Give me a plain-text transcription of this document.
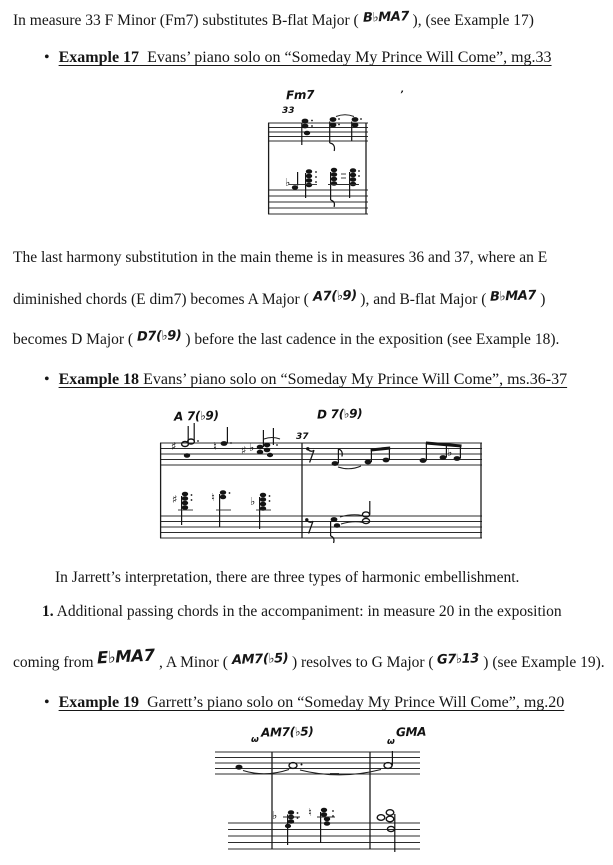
In measure 33 F Minor (Fm7) substitutes B-flat Major ( B♭MA7 ), (see Example 17)
• Example 17  Evans’ piano solo on “Someday My Prince Will Come”, mg.33
♭
Fm7
33
’
The last harmony substitution in the main theme is in measures 36 and 37, where an E
diminished chords (E dim7) becomes A Major ( A7(♭9) ), and B-flat Major ( B♭MA7 )
becomes D Major ( D7(♭9) ) before the last cadence in the exposition (see Example 18).
• Example 18 Evans’ piano solo on “Someday My Prince Will Come”, ms.36-37
♯	♮ ♯ ♭	♭
♯	♮	♭
A 7(♭9)	D 7(♭9)
37
In Jarrett’s interpretation, there are three types of harmonic embellishment.
1. Additional passing chords in the accompaniment: in measure 20 in the exposition
coming from E♭MA7 , A Minor ( AM7(♭5) ) resolves to G Major ( G7♭13 ) (see Example 19).
• Example 19  Garrett’s piano solo on “Someday My Prince Will Come”, mg.20
♭	♮
ω
AM7(♭5)
ω
GMA
